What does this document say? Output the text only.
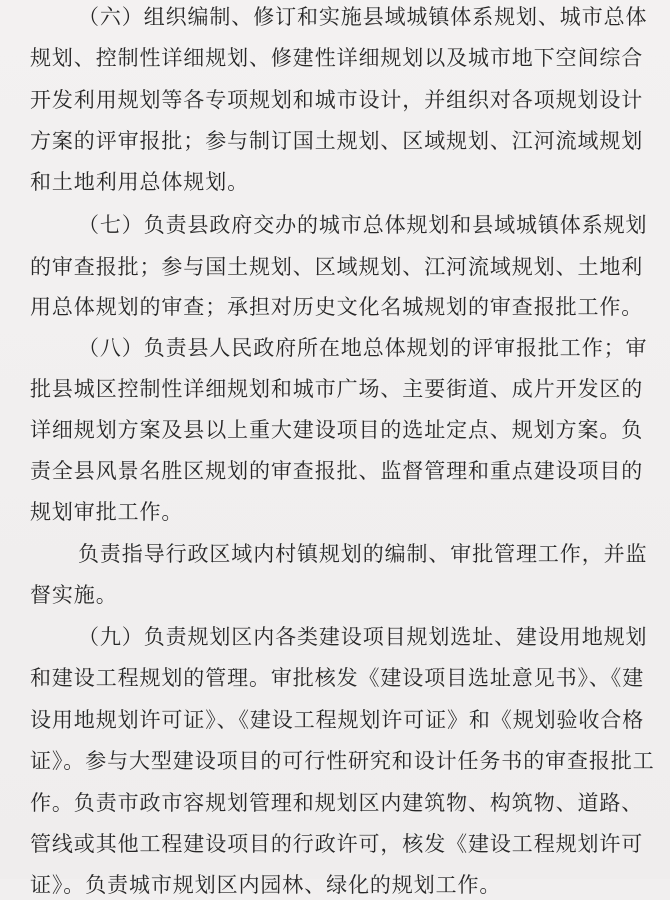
（六）组织编制、修订和实施县域城镇体系规划、城市总体
规划、控制性详细规划、修建性详细规划以及城市地下空间综合
开发利用规划等各专项规划和城市设计，并组织对各项规划设计
方案的评审报批；参与制订国土规划、区域规划、江河流域规划
和土地利用总体规划。
（七）负责县政府交办的城市总体规划和县域城镇体系规划
的审查报批；参与国土规划、区域规划、江河流域规划、土地利
用总体规划的审查；承担对历史文化名城规划的审查报批工作。
（八）负责县人民政府所在地总体规划的评审报批工作；审
批县城区控制性详细规划和城市广场、主要街道、成片开发区的
详细规划方案及县以上重大建设项目的选址定点、规划方案。负
责全县风景名胜区规划的审查报批、监督管理和重点建设项目的
规划审批工作。
负责指导行政区域内村镇规划的编制、审批管理工作，并监
督实施。
（九）负责规划区内各类建设项目规划选址、建设用地规划
和建设工程规划的管理。审批核发《建设项目选址意见书》、《建
设用地规划许可证》、《建设工程规划许可证》和《规划验收合格
证》。参与大型建设项目的可行性研究和设计任务书的审查报批工
作。负责市政市容规划管理和规划区内建筑物、构筑物、道路、
管线或其他工程建设项目的行政许可，核发《建设工程规划许可
证》。负责城市规划区内园林、绿化的规划工作。
